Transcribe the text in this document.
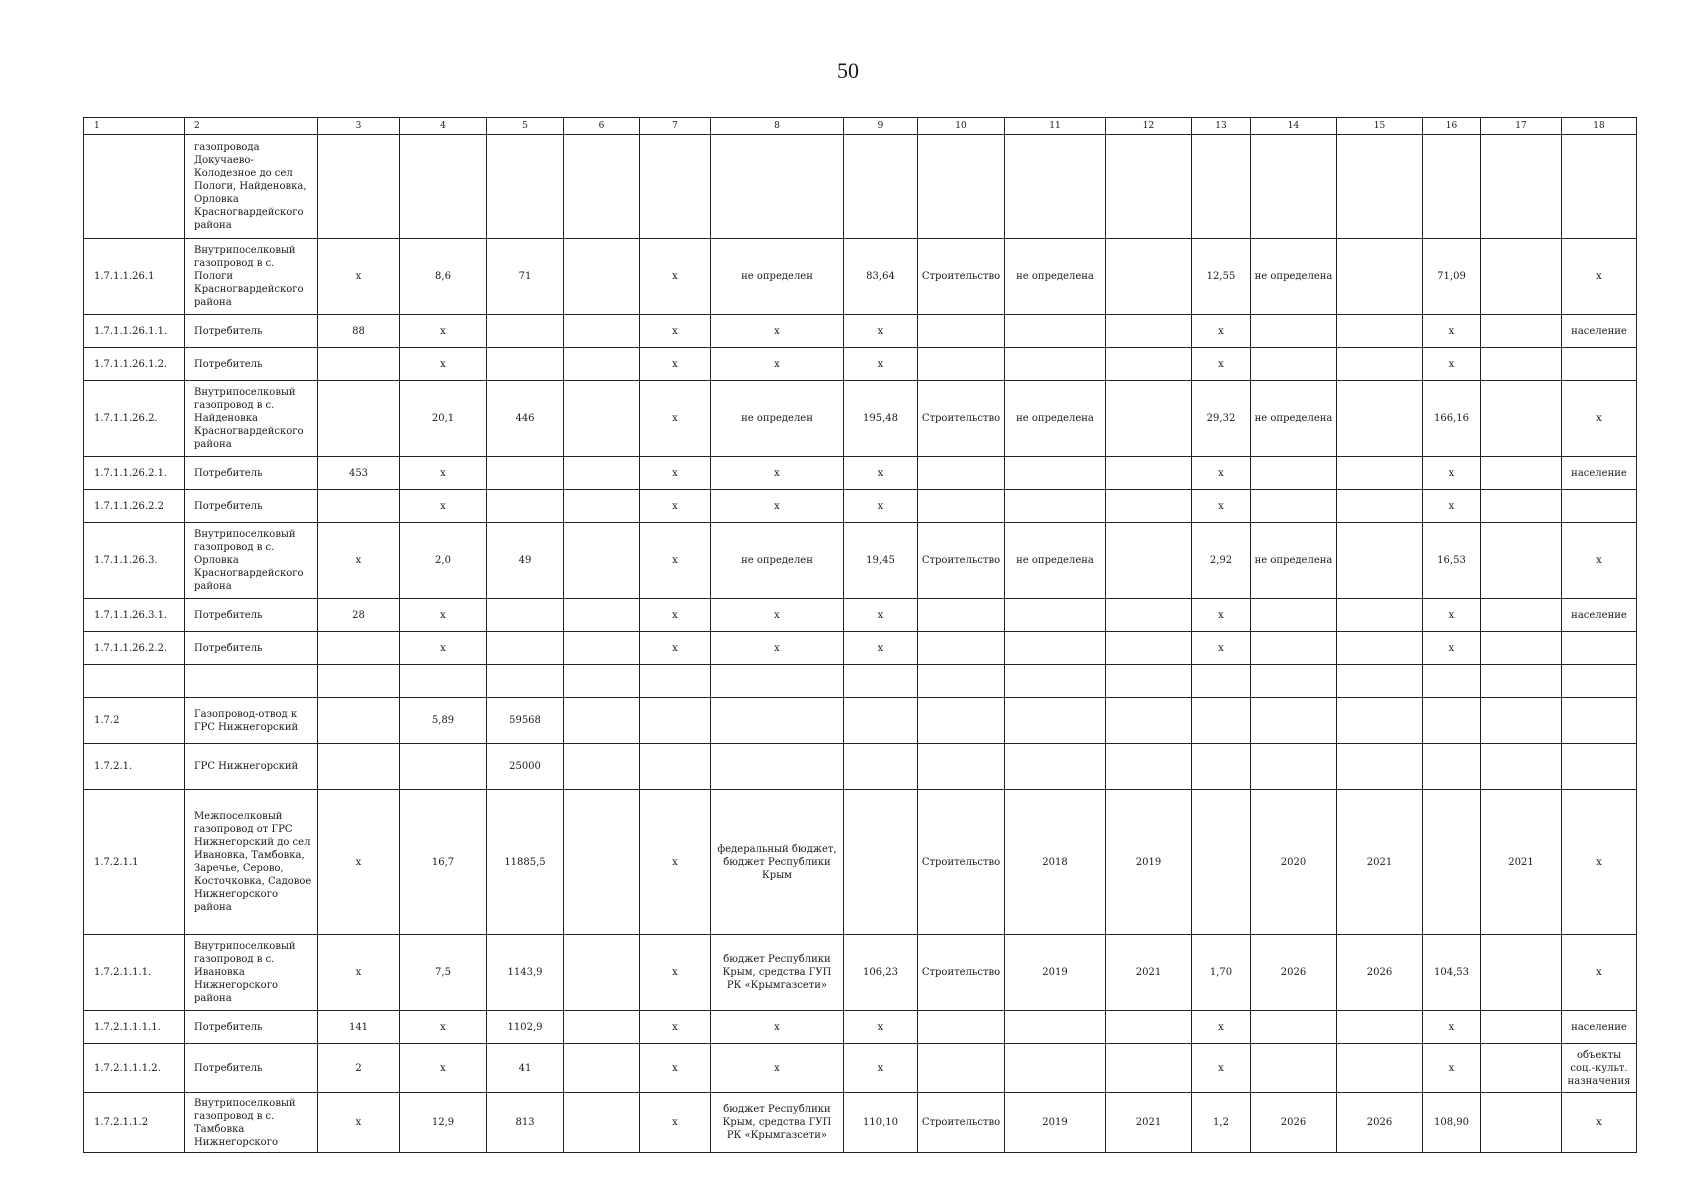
50
1	2	3	4	5	6	7	8	9	10	11	12	13	14	15	16	17	18
	газопровода Докучаево-Колодезное до сел Пологи, Найденовка, Орловка Красногвардейского района																
1.7.1.1.26.1	Внутрипоселковый газопровод в с. Пологи Красногвардейского района	х	8,6	71		х	не определен	83,64	Строительство	не определена		12,55	не определена		71,09		х
1.7.1.1.26.1.1.	Потребитель	88	х			х	х	х				х			х		население
1.7.1.1.26.1.2.	Потребитель		х			х	х	х				х			х		
1.7.1.1.26.2.	Внутрипоселковый газопровод в с. Найденовка Красногвардейского района		20,1	446		х	не определен	195,48	Строительство	не определена		29,32	не определена		166,16		х
1.7.1.1.26.2.1.	Потребитель	453	х			х	х	х				х			х		население
1.7.1.1.26.2.2	Потребитель		х			х	х	х				х			х		
1.7.1.1.26.3.	Внутрипоселковый газопровод в с. Орловка Красногвардейского района	х	2,0	49		х	не определен	19,45	Строительство	не определена		2,92	не определена		16,53		х
1.7.1.1.26.3.1.	Потребитель	28	х			х	х	х				х			х		население
1.7.1.1.26.2.2.	Потребитель		х			х	х	х				х			х		

1.7.2	Газопровод-отвод к ГРС Нижнегорский		5,89	59568													
1.7.2.1.	ГРС Нижнегорский			25000													
1.7.2.1.1	Межпоселковый газопровод от ГРС Нижнегорский до сел Ивановка, Тамбовка, Заречье, Серово, Косточковка, Садовое Нижнегорского района	х	16,7	11885,5		х	федеральный бюджет, бюджет Республики Крым		Строительство	2018	2019		2020	2021		2021	х
1.7.2.1.1.1.	Внутрипоселковый газопровод в с. Ивановка Нижнегорского района	х	7,5	1143,9		х	бюджет Республики Крым, средства ГУП РК «Крымгазсети»	106,23	Строительство	2019	2021	1,70	2026	2026	104,53		х
1.7.2.1.1.1.1.	Потребитель	141	х	1102,9		х	х	х				х			х		население
1.7.2.1.1.1.2.	Потребитель	2	х	41		х	х	х				х			х		объекты соц.-культ. назначения
1.7.2.1.1.2	Внутрипоселковый газопровод в с. Тамбовка Нижнегорского	х	12,9	813		х	бюджет Республики Крым, средства ГУП РК «Крымгазсети»	110,10	Строительство	2019	2021	1,2	2026	2026	108,90		х
